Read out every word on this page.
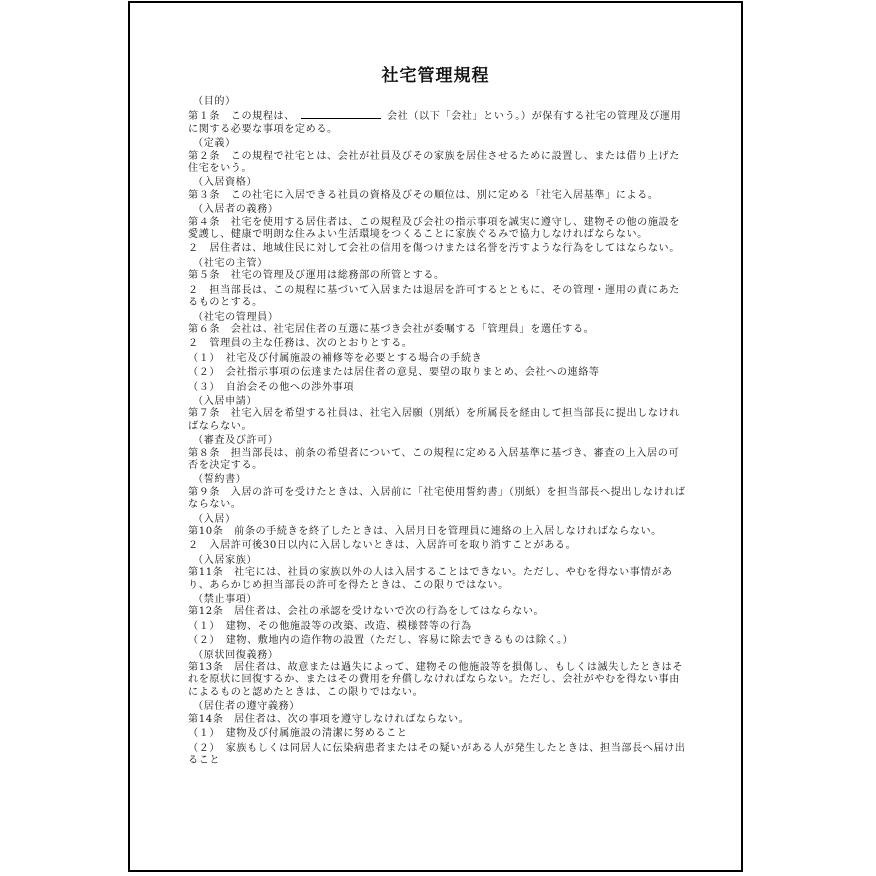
社宅管理規程

（目的）

第１条　この規程は、	会社（以下「会社」という。）が保有する社宅の管理及び運用に関する必要な事項を定める。

（定義）

第２条　この規程で社宅とは、会社が社員及びその家族を居住させるために設置し、または借り上げた住宅をいう。

（入居資格）

第３条　この社宅に入居できる社員の資格及びその順位は、別に定める「社宅入居基準」による。

（入居者の義務）

第４条　社宅を使用する居住者は、この規程及び会社の指示事項を誠実に遵守し、建物その他の施設を愛護し、健康で明朗な住みよい生活環境をつくることに家族ぐるみで協力しなければならない。

２　居住者は、地域住民に対して会社の信用を傷つけまたは名誉を汚すような行為をしてはならない。

（社宅の主管）

第５条　社宅の管理及び運用は総務部の所管とする。

２　担当部長は、この規程に基づいて入居または退居を許可するとともに、その管理・運用の責にあたるものとする。

（社宅の管理員）

第６条　会社は、社宅居住者の互選に基づき会社が委嘱する「管理員」を選任する。

２　管理員の主な任務は、次のとおりとする。

（１）　社宅及び付属施設の補修等を必要とする場合の手続き

（２）　会社指示事項の伝達または居住者の意見、要望の取りまとめ、会社への連絡等

（３）　自治会その他への渉外事項

（入居申請）

第７条　社宅入居を希望する社員は、社宅入居願（別紙）を所属長を経由して担当部長に提出しなければならない。

（審査及び許可）

第８条　担当部長は、前条の希望者について、この規程に定める入居基準に基づき、審査の上入居の可否を決定する。

（誓約書）

第９条　入居の許可を受けたときは、入居前に「社宅使用誓約書」（別紙）を担当部長へ提出しなければならない。

（入居）

第10条　前条の手続きを終了したときは、入居月日を管理員に連絡の上入居しなければならない。

２　入居許可後30日以内に入居しないときは、入居許可を取り消すことがある。

（入居家族）

第11条　社宅には、社員の家族以外の人は入居することはできない。ただし、やむを得ない事情があり、あらかじめ担当部長の許可を得たときは、この限りではない。

（禁止事項）

第12条　居住者は、会社の承認を受けないで次の行為をしてはならない。

（１）　建物、その他施設等の改築、改造、模様替等の行為

（２）　建物、敷地内の造作物の設置（ただし、容易に除去できるものは除く。）

（原状回復義務）

第13条　居住者は、故意または過失によって、建物その他施設等を損傷し、もしくは滅失したときはそれを原状に回復するか、またはその費用を弁償しなければならない。ただし、会社がやむを得ない事由によるものと認めたときは、この限りではない。

（居住者の遵守義務）

第14条　居住者は、次の事項を遵守しなければならない。

（１）　建物及び付属施設の清潔に努めること

（２）　家族もしくは同居人に伝染病患者またはその疑いがある人が発生したときは、担当部長へ届け出ること
